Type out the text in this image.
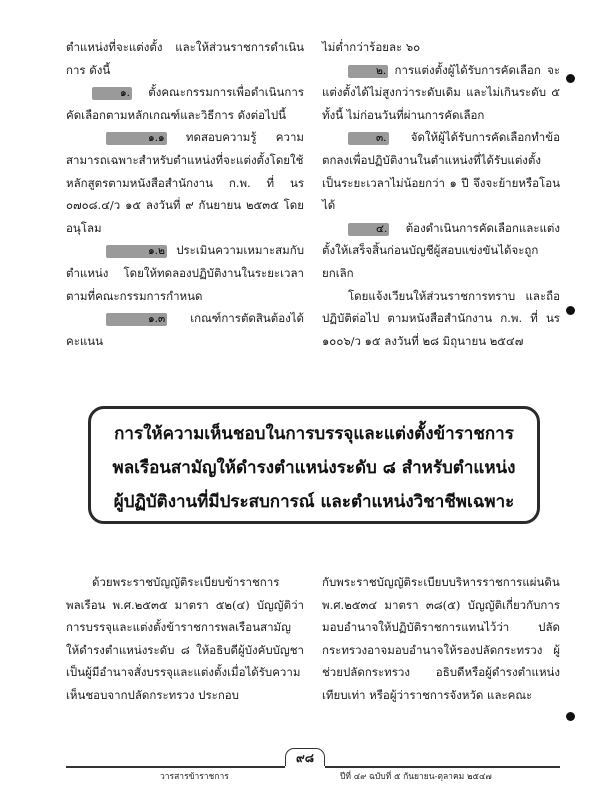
ตำแหน่งที่จะแต่งตั้ง และให้ส่วนราชการดำเนินการ ดังนี้

๑. ตั้งคณะกรรมการเพื่อดำเนินการคัดเลือกตามหลักเกณฑ์และวิธีการ ดังต่อไปนี้

๑.๑ ทดสอบความรู้ ความสามารถเฉพาะสำหรับตำแหน่งที่จะแต่งตั้งโดยใช้หลักสูตรตามหนังสือสำนักงาน ก.พ. ที่ นร ๐๗๐๘.๔/ว ๑๕ ลงวันที่ ๙ กันยายน ๒๕๓๕ โดยอนุโลม

๑.๒ ประเมินความเหมาะสมกับตำแหน่ง โดยให้ทดลองปฏิบัติงานในระยะเวลาตามที่คณะกรรมการกำหนด

๑.๓ เกณฑ์การตัดสินต้องได้คะแนน

ไม่ต่ำกว่าร้อยละ ๖๐

๒. การแต่งตั้งผู้ได้รับการคัดเลือก จะแต่งตั้งได้ไม่สูงกว่าระดับเดิม และไม่เกินระดับ ๕ ทั้งนี้ ไม่ก่อนวันที่ผ่านการคัดเลือก

๓. จัดให้ผู้ได้รับการคัดเลือกทำข้อตกลงเพื่อปฏิบัติงานในตำแหน่งที่ได้รับแต่งตั้งเป็นระยะเวลาไม่น้อยกว่า ๑ ปี จึงจะย้ายหรือโอนได้

๔. ต้องดำเนินการคัดเลือกและแต่งตั้งให้เสร็จสิ้นก่อนบัญชีผู้สอบแข่งขันได้จะถูกยกเลิก

โดยแจ้งเวียนให้ส่วนราชการทราบ และถือปฏิบัติต่อไป ตามหนังสือสำนักงาน ก.พ. ที่ นร ๑๐๐๖/ว ๑๕ ลงวันที่ ๒๘ มิถุนายน ๒๕๔๗

การให้ความเห็นชอบในการบรรจุและแต่งตั้งข้าราชการ
พลเรือนสามัญให้ดำรงตำแหน่งระดับ ๘ สำหรับตำแหน่ง
ผู้ปฏิบัติงานที่มีประสบการณ์ และตำแหน่งวิชาชีพเฉพาะ

ด้วยพระราชบัญญัติระเบียบข้าราชการพลเรือน พ.ศ.๒๕๓๕ มาตรา ๕๒(๔) บัญญัติว่า การบรรจุและแต่งตั้งข้าราชการพลเรือนสามัญให้ดำรงตำแหน่งระดับ ๘ ให้อธิบดีผู้บังคับบัญชาเป็นผู้มีอำนาจสั่งบรรจุและแต่งตั้งเมื่อได้รับความเห็นชอบจากปลัดกระทรวง ประกอบ

กับพระราชบัญญัติระเบียบบริหารราชการแผ่นดิน พ.ศ.๒๕๓๔ มาตรา ๓๘(๕) บัญญัติเกี่ยวกับการมอบอำนาจให้ปฏิบัติราชการแทนไว้ว่า ปลัดกระทรวงอาจมอบอำนาจให้รองปลัดกระทรวง ผู้ช่วยปลัดกระทรวง อธิบดีหรือผู้ดำรงตำแหน่งเทียบเท่า หรือผู้ว่าราชการจังหวัด และคณะ

๙๘
วารสารข้าราชการ	ปีที่ ๔๙ ฉบับที่ ๕ กันยายน-ตุลาคม ๒๕๔๗
